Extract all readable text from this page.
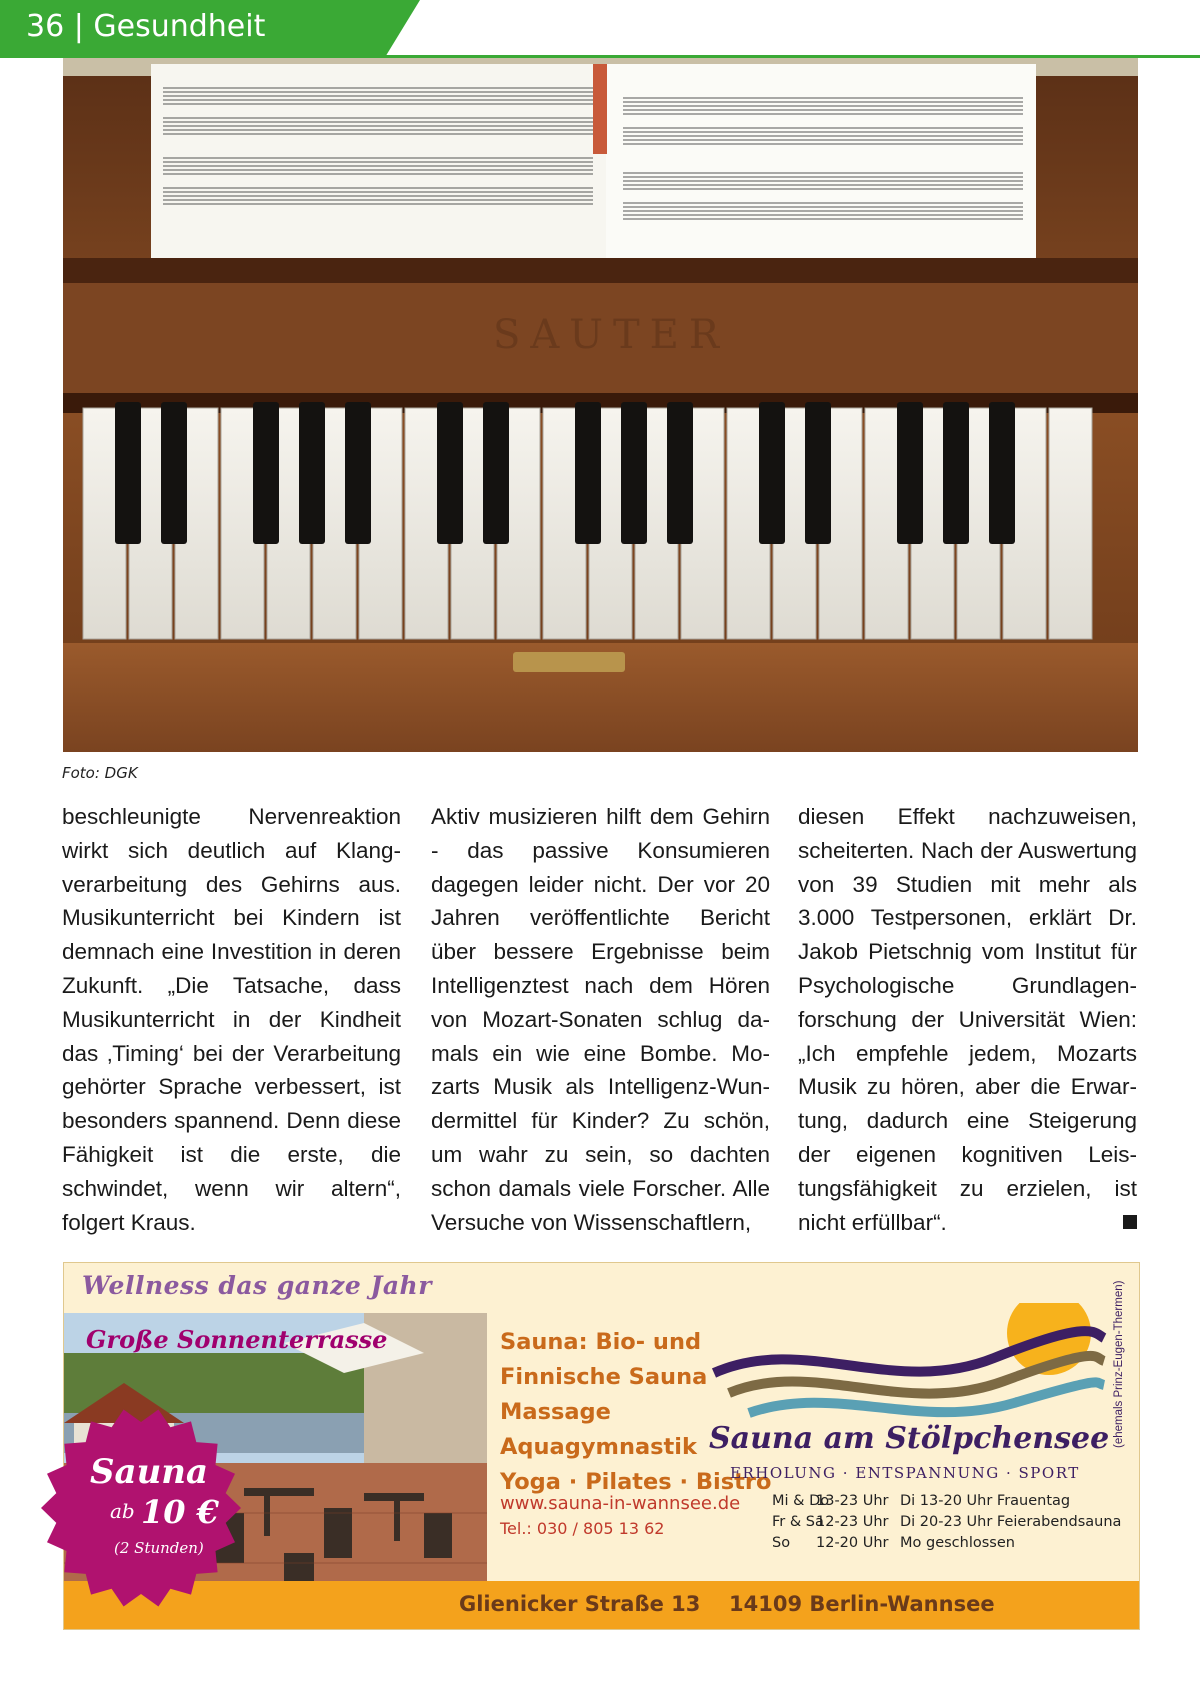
36 | Gesundheit
SAUTER
Foto: DGK

beschleunigte Nervenreaktion wirkt sich deutlich auf Klangverarbeitung des Gehirns aus. Musikunterricht bei Kindern ist demnach eine Investition in deren Zukunft. „Die Tatsache, dass Musikunterricht in der Kindheit das ‚Timing‘ bei der Verarbeitung gehörter Sprache verbessert, ist besonders spannend. Denn diese Fähigkeit ist die erste, die schwindet, wenn wir altern“, folgert Kraus.

Aktiv musizieren hilft dem Gehirn - das passive Konsumieren dagegen leider nicht. Der vor 20 Jahren veröffentlichte Bericht über bessere Ergebnisse beim Intelligenztest nach dem Hören von Mozart-Sonaten schlug damals ein wie eine Bombe. Mozarts Musik als Intelligenz-Wundermittel für Kinder? Zu schön, um wahr zu sein, so dachten schon damals viele Forscher. Alle Versuche von Wissenschaftlern,

diesen Effekt nachzuweisen, scheiterten. Nach der Auswertung von 39 Studien mit mehr als 3.000 Testpersonen, erklärt Dr. Jakob Pietschnig vom Institut für Psychologische Grundlagenforschung der Universität Wien: „Ich empfehle jedem, Mozarts Musik zu hören, aber die Erwartung, dadurch eine Steigerung der eigenen kognitiven Leistungsfähigkeit zu erzielen, ist nicht erfüllbar“.

Wellness das ganze Jahr
Große Sonnenterrasse	Sauna: Bio- und
Finnische Sauna
Massage
Aquagymnastik
Yoga · Pilates · Bistro
Sauna am Stölpchensee
ERHOLUNG · ENTSPANNUNG · SPORT
(ehemals Prinz-Eugen-Thermen)
www.sauna-in-wannsee.de
Tel.: 030 / 805 13 62
Mi & Do
13-23 Uhr Di 13-20 Uhr Frauentag
Fr & Sa
12-23 Uhr Di 20-23 Uhr Feierabendsauna
So	12-20 Uhr Mo geschlossen
Glienicker Straße 13 14109 Berlin-Wannsee
Sauna
ab 10 €
(2 Stunden)
